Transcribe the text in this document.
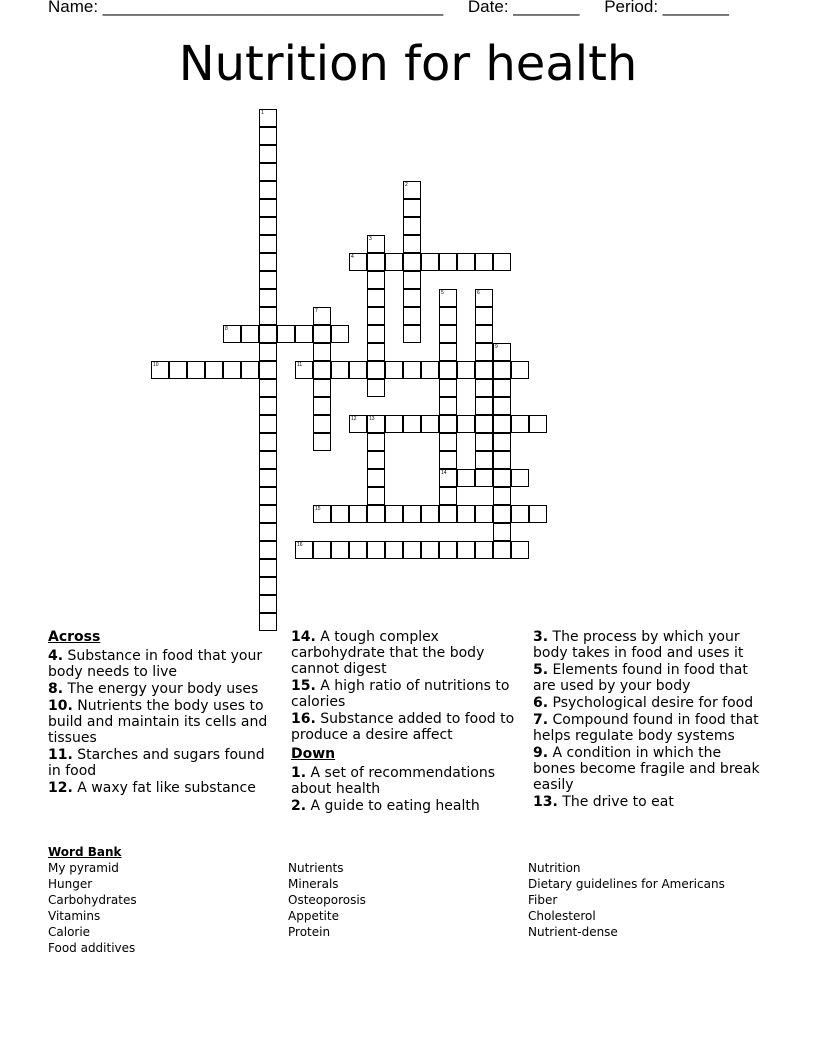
Name: ____________________________________ Date: _______ Period: _______
Nutrition for health
1
2
3
4
5
14
6
7
8
9
10	11
12 13
15
16
Across
4. Substance in food that your body needs to live
8. The energy your body uses
10. Nutrients the body uses to build and maintain its cells and tissues
11. Starches and sugars found in food
12. A waxy fat like substance
14. A tough complex carbohydrate that the body cannot digest
15. A high ratio of nutritions to calories
16. Substance added to food to produce a desire affect
Down
1. A set of recommendations about health
2. A guide to eating health
3. The process by which your body takes in food and uses it
5. Elements found in food that are used by your body
6. Psychological desire for food
7. Compound found in food that helps regulate body systems
9. A condition in which the bones become fragile and break easily
13. The drive to eat
Word Bank
My pyramid
Hunger
Carbohydrates
Vitamins
Calorie
Food additives
Nutrients
Minerals
Osteoporosis
Appetite
Protein
Nutrition
Dietary guidelines for Americans
Fiber
Cholesterol
Nutrient-dense
